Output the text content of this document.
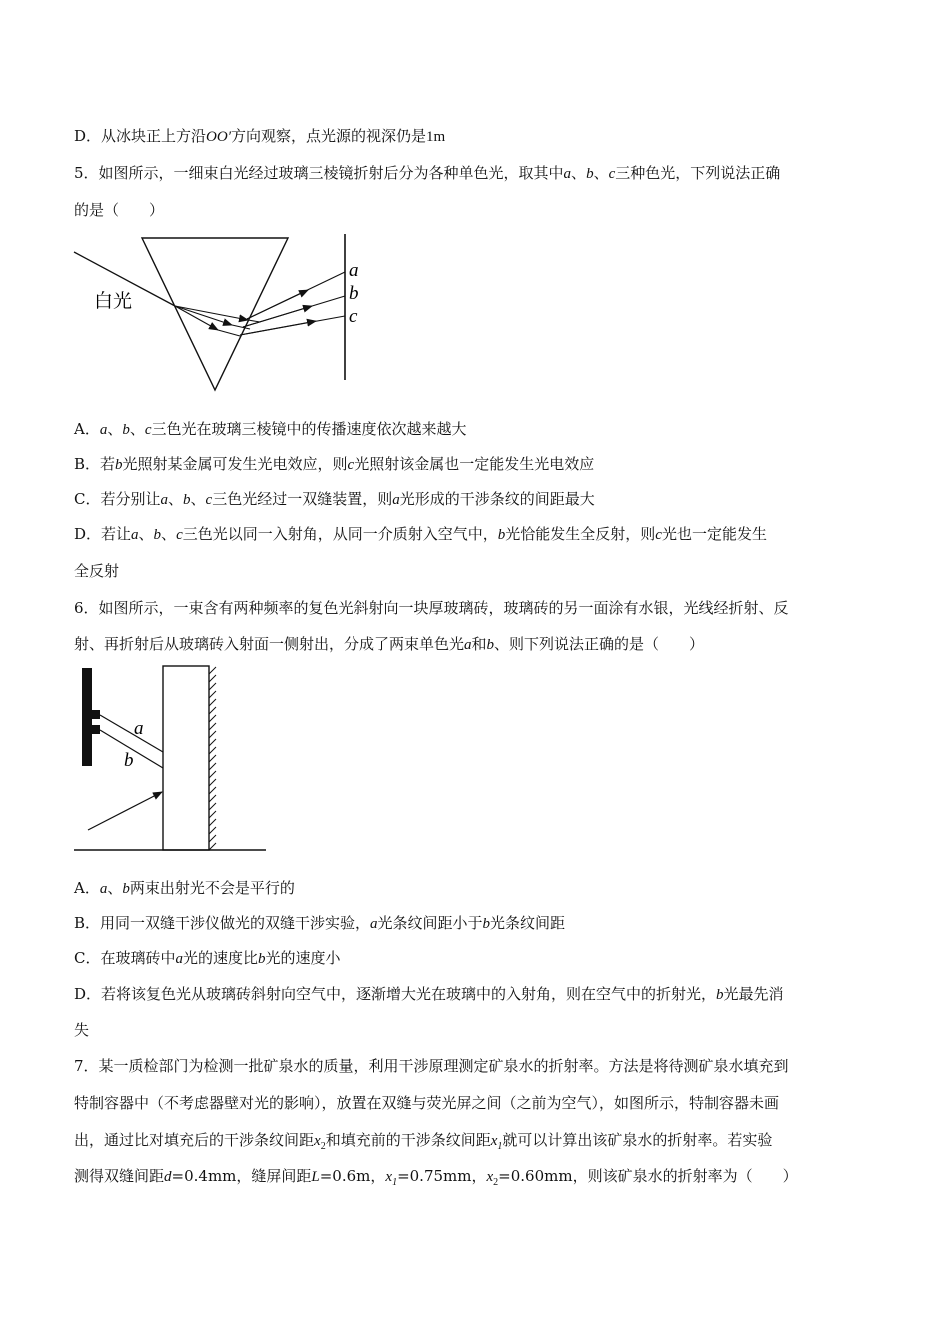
D．从冰块正上方沿OO′方向观察，点光源的视深仍是1m
5．如图所示，一细束白光经过玻璃三棱镜折射后分为各种单色光，取其中a、b、c三种色光，下列说法正确
的是（　　）
白光
a
b
c
A．a、b、c三色光在玻璃三棱镜中的传播速度依次越来越大
B．若b光照射某金属可发生光电效应，则c光照射该金属也一定能发生光电效应
C．若分别让a、b、c三色光经过一双缝装置，则a光形成的干涉条纹的间距最大
D．若让a、b、c三色光以同一入射角，从同一介质射入空气中，b光恰能发生全反射，则c光也一定能发生
全反射
6．如图所示，一束含有两种频率的复色光斜射向一块厚玻璃砖，玻璃砖的另一面涂有水银，光线经折射、反
射、再折射后从玻璃砖入射面一侧射出，分成了两束单色光a和b、则下列说法正确的是（　　）
a
b
A．a、b两束出射光不会是平行的
B．用同一双缝干涉仪做光的双缝干涉实验，a光条纹间距小于b光条纹间距
C．在玻璃砖中a光的速度比b光的速度小
D．若将该复色光从玻璃砖斜射向空气中，逐渐增大光在玻璃中的入射角，则在空气中的折射光，b光最先消
失
7．某一质检部门为检测一批矿泉水的质量，利用干涉原理测定矿泉水的折射率。方法是将待测矿泉水填充到
特制容器中（不考虑器壁对光的影响），放置在双缝与荧光屏之间（之前为空气），如图所示，特制容器未画
出，通过比对填充后的干涉条纹间距$x_2$和填充前的干涉条纹间距$x_1$就可以计算出该矿泉水的折射率。若实验
测得双缝间距d=0.4mm，缝屏间距L=0.6m，$x_1=0.75mm$，$x_2=0.60mm$，则该矿泉水的折射率为（　　）
